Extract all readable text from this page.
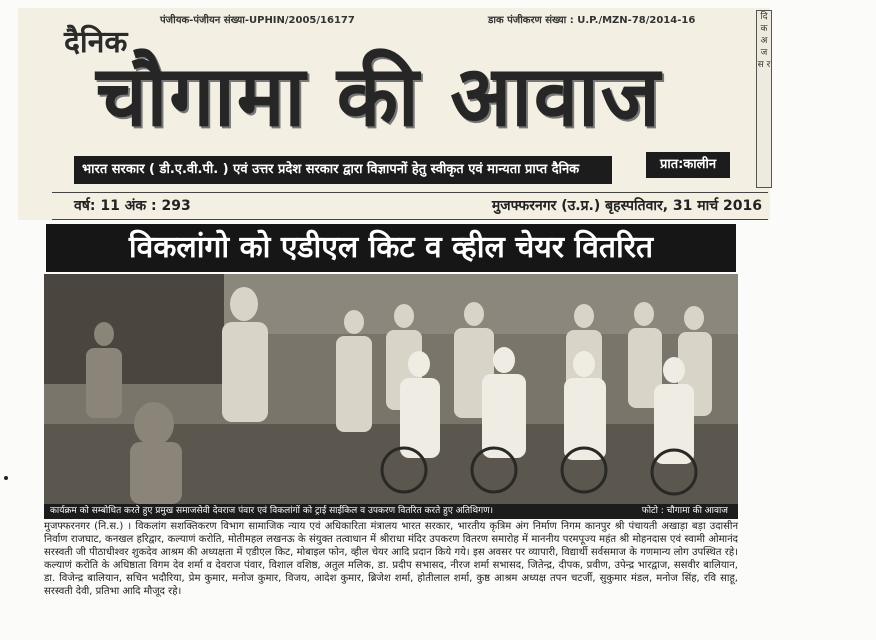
पंजीयक-पंजीयन संख्या-UPHIN/2005/16177	डाक पंजीकरण संख्या : U.P./MZN-78/2014-16
दैनिक
चौगामा की आवाज
दि क अ ज स र
भारत सरकार ( डी.ए.वी.पी. ) एवं उत्तर प्रदेश सरकार द्वारा विज्ञापनों हेतु स्वीकृत एवं मान्यता प्राप्त दैनिक	प्रात:कालीन
वर्ष: 11 अंक : 293	मुजफ्फरनगर (उ.प्र.) बृहस्पतिवार, 31 मार्च 2016
विकलांगो को एडीएल किट व व्हील चेयर वितरित
कार्यक्रम को सम्बोधित करते हुए प्रमुख समाजसेवी देवराज पंवार एवं विकलांगों को ट्राई साईकिल व उपकरण वितरित करते हुए अतिथिगण।	फोटो : चौगामा की आवाज
मुजफ्फरनगर (नि.स.) । विकलांग सशक्तिकरण विभाग सामाजिक न्याय एवं अधिकारिता मंत्रालय भारत सरकार, भारतीय कृत्रिम अंग निर्माण निगम कानपुर श्री पंचायती अखाड़ा बड़ा उदासीन निर्वाण राजघाट, कनखल हरिद्वार, कल्याणं करोति, मोतीमहल लखनऊ के संयुक्त तत्वाधान में श्रीराधा मंदिर उपकरण वितरण समारोह में माननीय परमपूज्य महंत श्री मोहनदास एवं स्वामी ओमानंद सरस्वती जी पीठाधीश्वर शुकदेव आश्रम की अध्यक्षता में एडीएल किट, मोबाइल फोन, व्हील चेयर आदि प्रदान किये गये। इस अवसर पर व्यापारी, विद्यार्थी सर्वसमाज के गणमान्य लोग उपस्थित रहे। कल्याणं करोति के अधिष्ठाता विगम देव शर्मा व देवराज पंवार, विशाल वशिष्ठ, अतुल मलिक, डा. प्रदीप सभासद, नीरज शर्मा सभासद, जितेन्द्र, दीपक, प्रवीण, उपेन्द्र भारद्वाज, ससवीर बालियान, डा. विजेन्द्र बालियान, सचिन भदौरिया, प्रेम कुमार, मनोज कुमार, विजय, आदेश कुमार, ब्रिजेश शर्मा, होतीलाल शर्मा, कुष्ठ आश्रम अध्यक्ष तपन चटर्जी, सुकुमार मंडल, मनोज सिंह, रवि साहू, सरस्वती देवी, प्रतिभा आदि मौजूद रहे।
